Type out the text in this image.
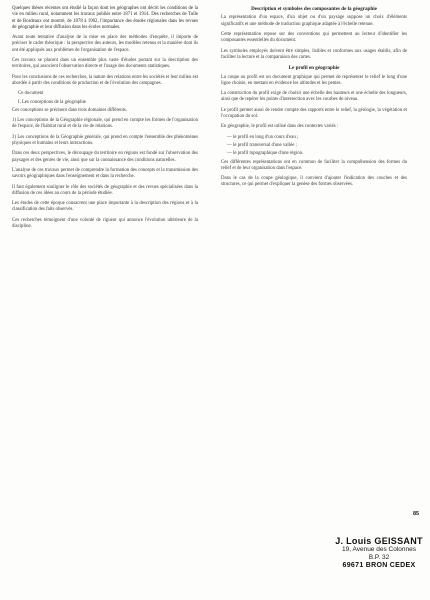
Quelques thèses récentes ont étudié la façon dont les géographes ont décrit les conditions de la vie en milieu rural, notamment les travaux publiés entre 1871 et 1914. Des recherches de Tulle et de Bordeaux ont montré, de 1878 à 1902, l'importance des études régionales dans les revues de géographie et leur diffusion dans les écoles normales.

Avant toute tentative d'analyse de la mise en place des méthodes d'enquête, il importe de préciser le cadre théorique : la perspective des auteurs, les modèles retenus et la manière dont ils ont été appliqués aux problèmes de l'organisation de l'espace.

Ces travaux se placent dans un ensemble plus vaste d'études portant sur la description des territoires, qui associent l'observation directe et l'usage des documents statistiques.

Pour les conclusions de ces recherches, la nature des relations entre les sociétés et leur milieu est abordée à partir des conditions de production et de l'évolution des campagnes.

Ce document

I. Les conceptions de la géographie

Ces conceptions se précisent dans trois domaines différents.

1) Les conceptions de la Géographie régionale, qui prend en compte les formes de l'organisation de l'espace, de l'habitat rural et de la vie de relations.

2) Les conceptions de la Géographie générale, qui prend en compte l'ensemble des phénomènes physiques et humains et leurs interactions.

Dans ces deux perspectives, le découpage du territoire en régions est fondé sur l'observation des paysages et des genres de vie, ainsi que sur la connaissance des conditions naturelles.

L'analyse de ces travaux permet de comprendre la formation des concepts et la transmission des savoirs géographiques dans l'enseignement et dans la recherche.

Il faut également souligner le rôle des sociétés de géographie et des revues spécialisées dans la diffusion de ces idées au cours de la période étudiée.

Les études de cette époque consacrent une place importante à la description des régions et à la classification des faits observés.

Ces recherches témoignent d'une volonté de rigueur qui annonce l'évolution ultérieure de la discipline.

Description et symboles des composantes de la géographie

La représentation d'un espace, d'un objet ou d'un paysage suppose un choix d'éléments significatifs et une méthode de traduction graphique adaptée à l'échelle retenue.

Cette représentation repose sur des conventions qui permettent au lecteur d'identifier les composantes essentielles du document.

Les symboles employés doivent être simples, lisibles et conformes aux usages établis, afin de faciliter la lecture et la comparaison des cartes.

Le profil en géographie

La coupe ou profil est un document graphique qui permet de représenter le relief le long d'une ligne choisie, en mettant en évidence les altitudes et les pentes.

La construction du profil exige de choisir une échelle des hauteurs et une échelle des longueurs, ainsi que de repérer les points d'intersection avec les courbes de niveau.

Le profil permet aussi de rendre compte des rapports entre le relief, la géologie, la végétation et l'occupation du sol.

En géographie, le profil est utilisé dans des contextes variés :

— le profil en long d'un cours d'eau ;

— le profil transversal d'une vallée ;

— le profil topographique d'une région.

Ces différentes représentations ont en commun de faciliter la compréhension des formes du relief et de leur organisation dans l'espace.

Dans le cas de la coupe géologique, il convient d'ajouter l'indication des couches et des structures, ce qui permet d'expliquer la genèse des formes observées.

85
J. Louis GEISSANT
19, Avenue des Colonnes
B.P. 32
69671 BRON CEDEX
